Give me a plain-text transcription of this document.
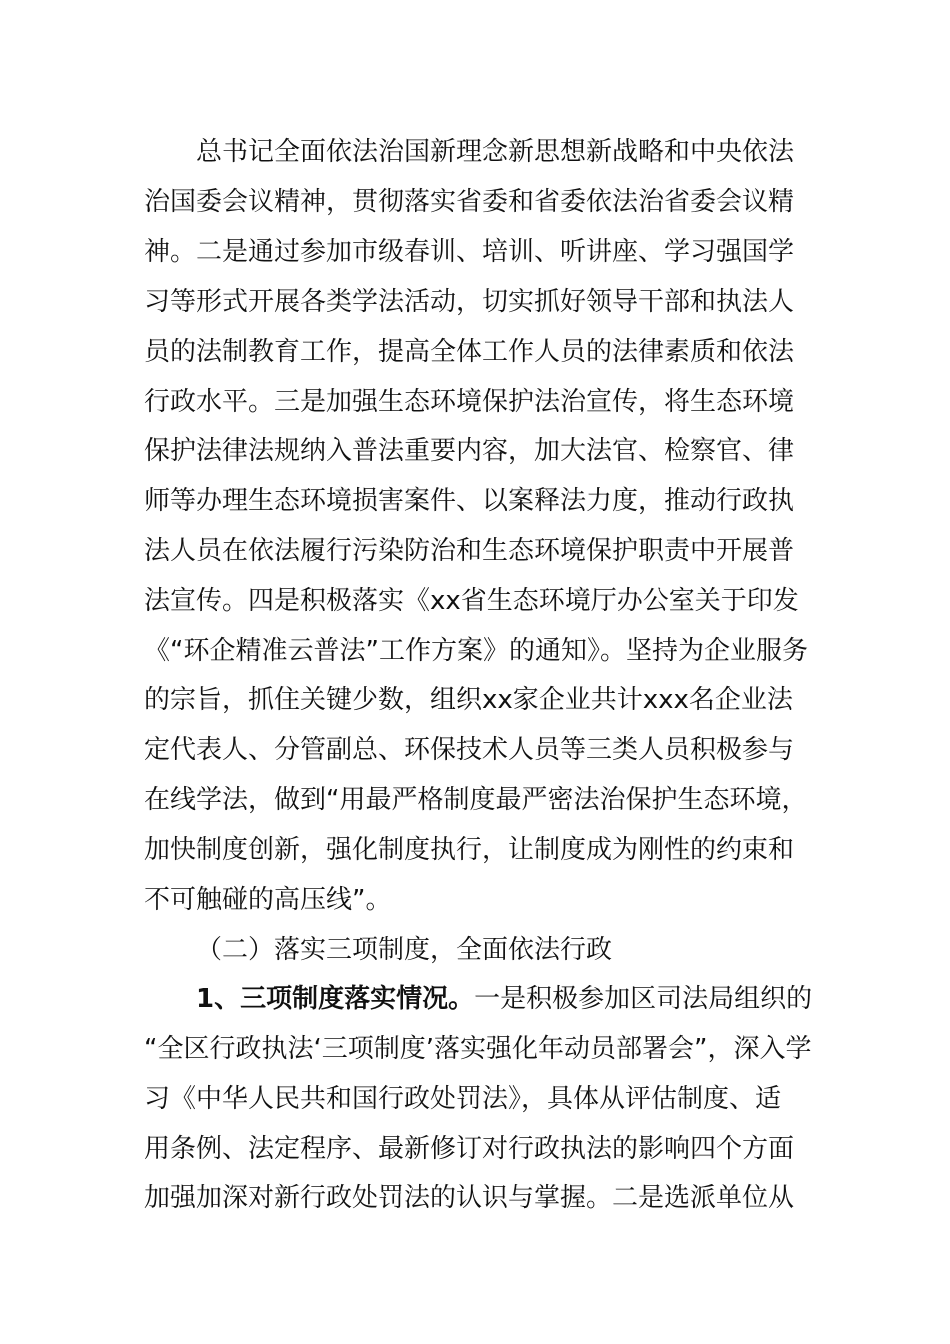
总书记全面依法治国新理念新思想新战略和中央依法
治国委会议精神，贯彻落实省委和省委依法治省委会议精
神。二是通过参加市级春训、培训、听讲座、学习强国学
习等形式开展各类学法活动，切实抓好领导干部和执法人
员的法制教育工作，提高全体工作人员的法律素质和依法
行政水平。三是加强生态环境保护法治宣传，将生态环境
保护法律法规纳入普法重要内容，加大法官、检察官、律
师等办理生态环境损害案件、以案释法力度，推动行政执
法人员在依法履行污染防治和生态环境保护职责中开展普
法宣传。四是积极落实《xx省生态环境厅办公室关于印发
《“环企精准云普法”工作方案》的通知》。坚持为企业服务
的宗旨，抓住关键少数，组织xx家企业共计xxx名企业法
定代表人、分管副总、环保技术人员等三类人员积极参与
在线学法，做到“用最严格制度最严密法治保护生态环境，
加快制度创新，强化制度执行，让制度成为刚性的约束和
不可触碰的高压线”。
（二）落实三项制度，全面依法行政
1、三项制度落实情况。一是积极参加区司法局组织的
“全区行政执法‘三项制度’落实强化年动员部署会”，深入学
习《中华人民共和国行政处罚法》，具体从评估制度、适
用条例、法定程序、最新修订对行政执法的影响四个方面
加强加深对新行政处罚法的认识与掌握。二是选派单位从
